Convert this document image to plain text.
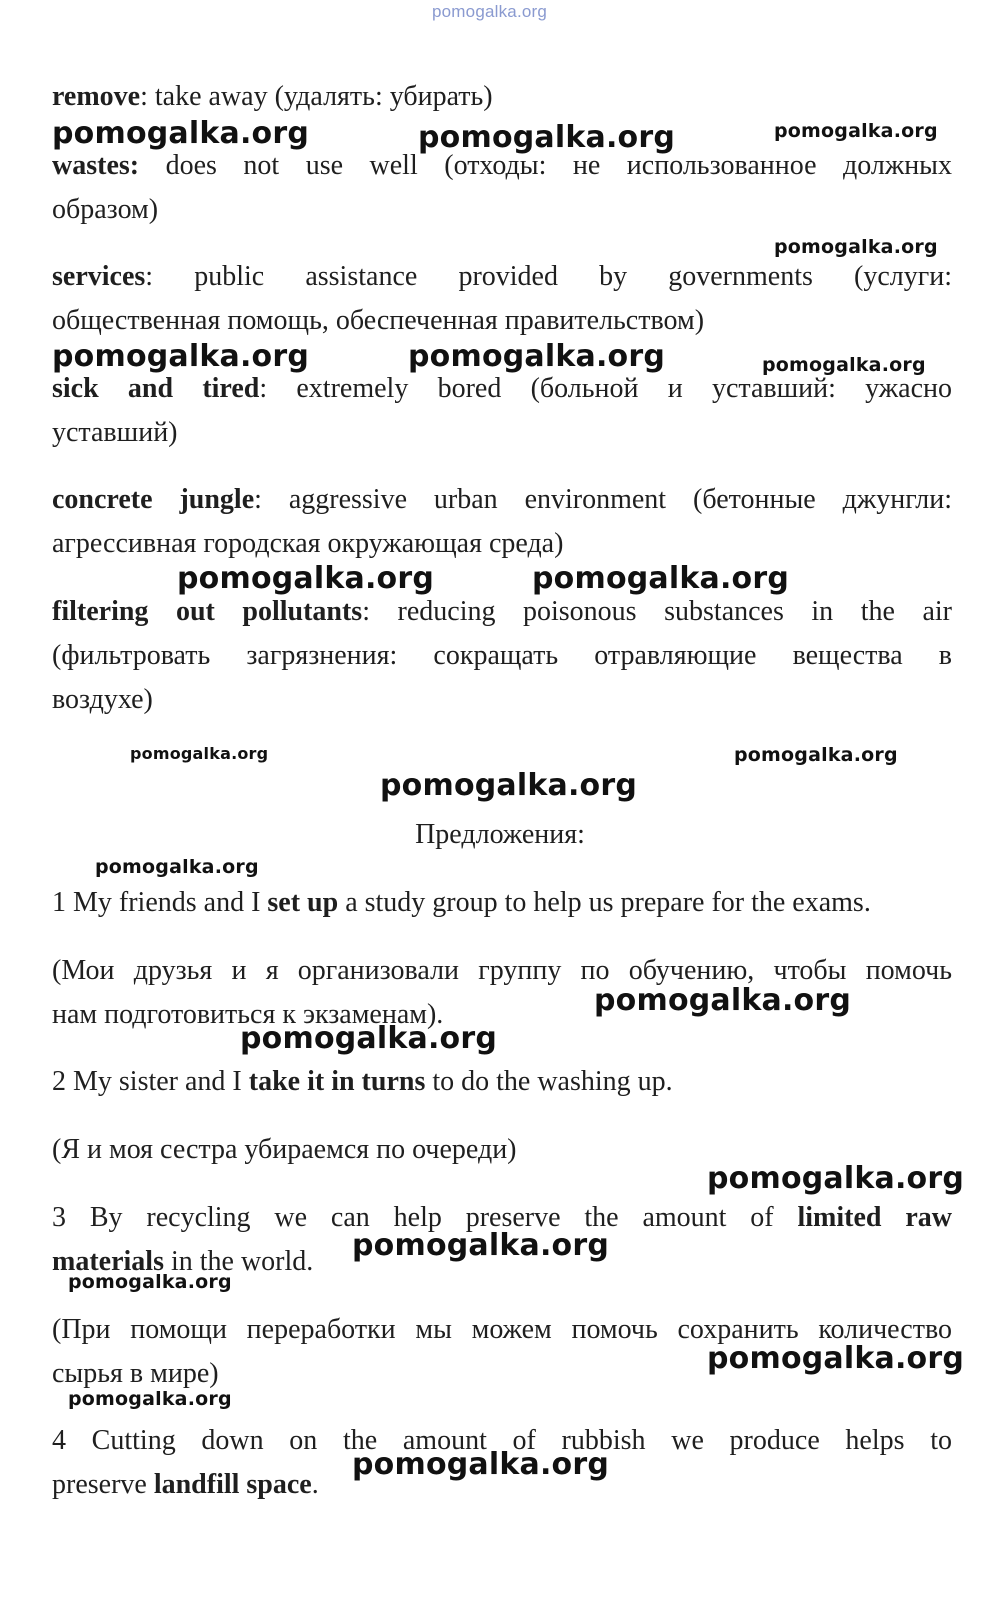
pomogalka.org
remove: take away (удалять: убирать)
wastes: does not use well (отходы: не использованное должных
образом)
services: public assistance provided by governments (услуги:
общественная помощь, обеспеченная правительством)
sick and tired: extremely bored (больной и уставший: ужасно
уставший)
concrete jungle: aggressive urban environment (бетонные джунгли:
агрессивная городская окружающая среда)
filtering out pollutants: reducing poisonous substances in the air
(фильтровать загрязнения: сокращать отравляющие вещества в
воздухе)
Предложения:
1 My friends and I set up a study group to help us prepare for the exams.
(Мои друзья и я организовали группу по обучению, чтобы помочь
нам подготовиться к экзаменам).
2 My sister and I take it in turns to do the washing up.
(Я и моя сестра убираемся по очереди)
3 By recycling we can help preserve the amount of limited raw
materials in the world.
(При помощи переработки мы можем помочь сохранить количество
сырья в мире)
4 Cutting down on the amount of rubbish we produce helps to
preserve landfill space.
pomogalka.org	pomogalka.org	pomogalka.org
pomogalka.org
pomogalka.org	pomogalka.org	pomogalka.org
pomogalka.org	pomogalka.org
pomogalka.org	pomogalka.org
pomogalka.org
pomogalka.org
pomogalka.org
pomogalka.org
pomogalka.org
pomogalka.org
pomogalka.org
pomogalka.org
pomogalka.org
pomogalka.org
